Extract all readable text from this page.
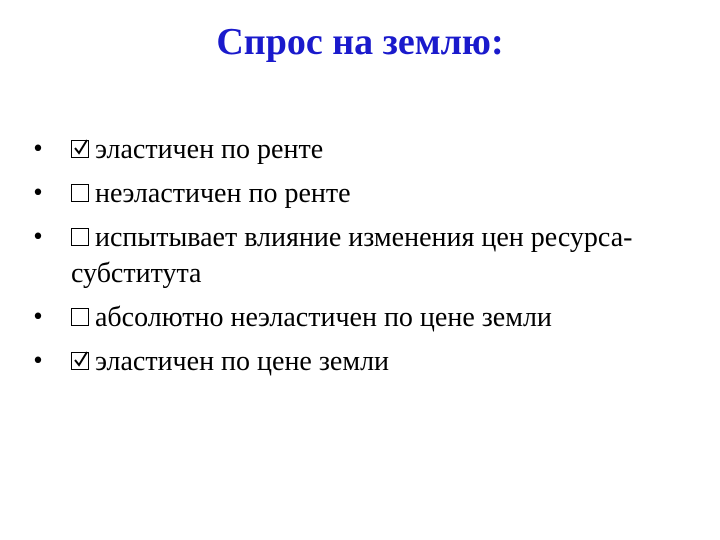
Спрос на землю:
• эластичен по ренте
• неэластичен по ренте
• испытывает влияние изменения цен ресурса-субститута
• абсолютно неэластичен по цене земли
• эластичен по цене земли
